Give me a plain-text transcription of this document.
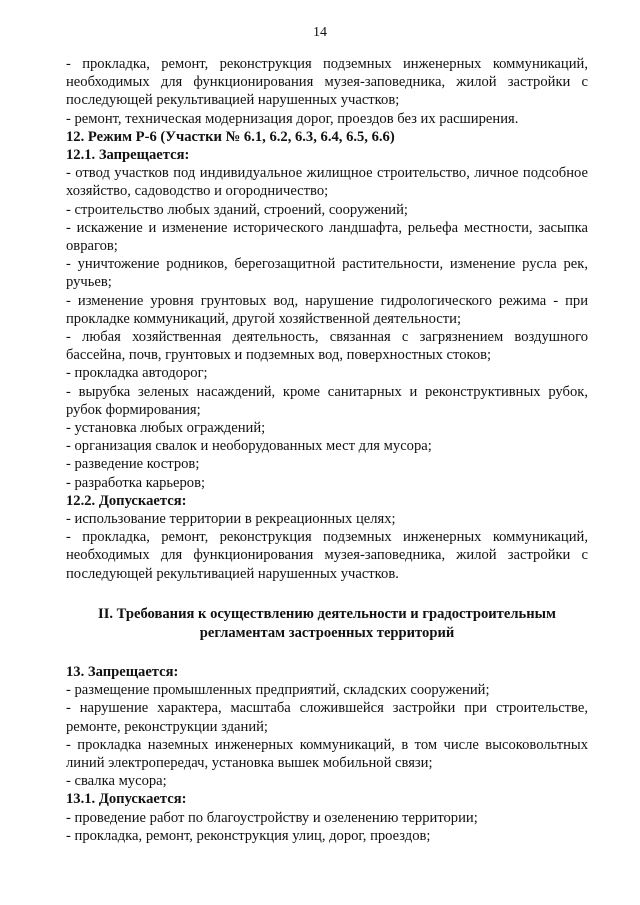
14

- прокладка, ремонт, реконструкция подземных инженерных коммуникаций, необходимых для функционирования музея-заповедника, жилой застройки с последующей рекультивацией нарушенных участков;

- ремонт, техническая модернизация дорог, проездов без их расширения.

12. Режим Р-6 (Участки № 6.1, 6.2, 6.3, 6.4, 6.5, 6.6)

12.1. Запрещается:

- отвод участков под индивидуальное жилищное строительство, личное подсобное хозяйство, садоводство и огородничество;

- строительство любых зданий, строений, сооружений;

- искажение и изменение исторического ландшафта, рельефа местности, засыпка оврагов;

- уничтожение родников, берегозащитной растительности, изменение русла рек, ручьев;

- изменение уровня грунтовых вод, нарушение гидрологического режима - при прокладке коммуникаций, другой хозяйственной деятельности;

- любая хозяйственная деятельность, связанная с загрязнением воздушного бассейна, почв, грунтовых и подземных вод, поверхностных стоков;

- прокладка автодорог;

- вырубка зеленых насаждений, кроме санитарных и реконструктивных рубок, рубок формирования;

- установка любых ограждений;

- организация свалок и необорудованных мест для мусора;

- разведение костров;

- разработка карьеров;

12.2. Допускается:

- использование территории в рекреационных целях;

- прокладка, ремонт, реконструкция подземных инженерных коммуникаций, необходимых для функционирования музея-заповедника, жилой застройки с последующей рекультивацией нарушенных участков.

II. Требования к осуществлению деятельности и градостроительным
регламентам застроенных территорий

13. Запрещается:

- размещение промышленных предприятий, складских сооружений;

- нарушение характера, масштаба сложившейся застройки при строительстве, ремонте, реконструкции зданий;

- прокладка наземных инженерных коммуникаций, в том числе высоковольтных линий электропередач, установка вышек мобильной связи;

- свалка мусора;

13.1. Допускается:

- проведение работ по благоустройству и озеленению территории;

- прокладка, ремонт, реконструкция улиц, дорог, проездов;
